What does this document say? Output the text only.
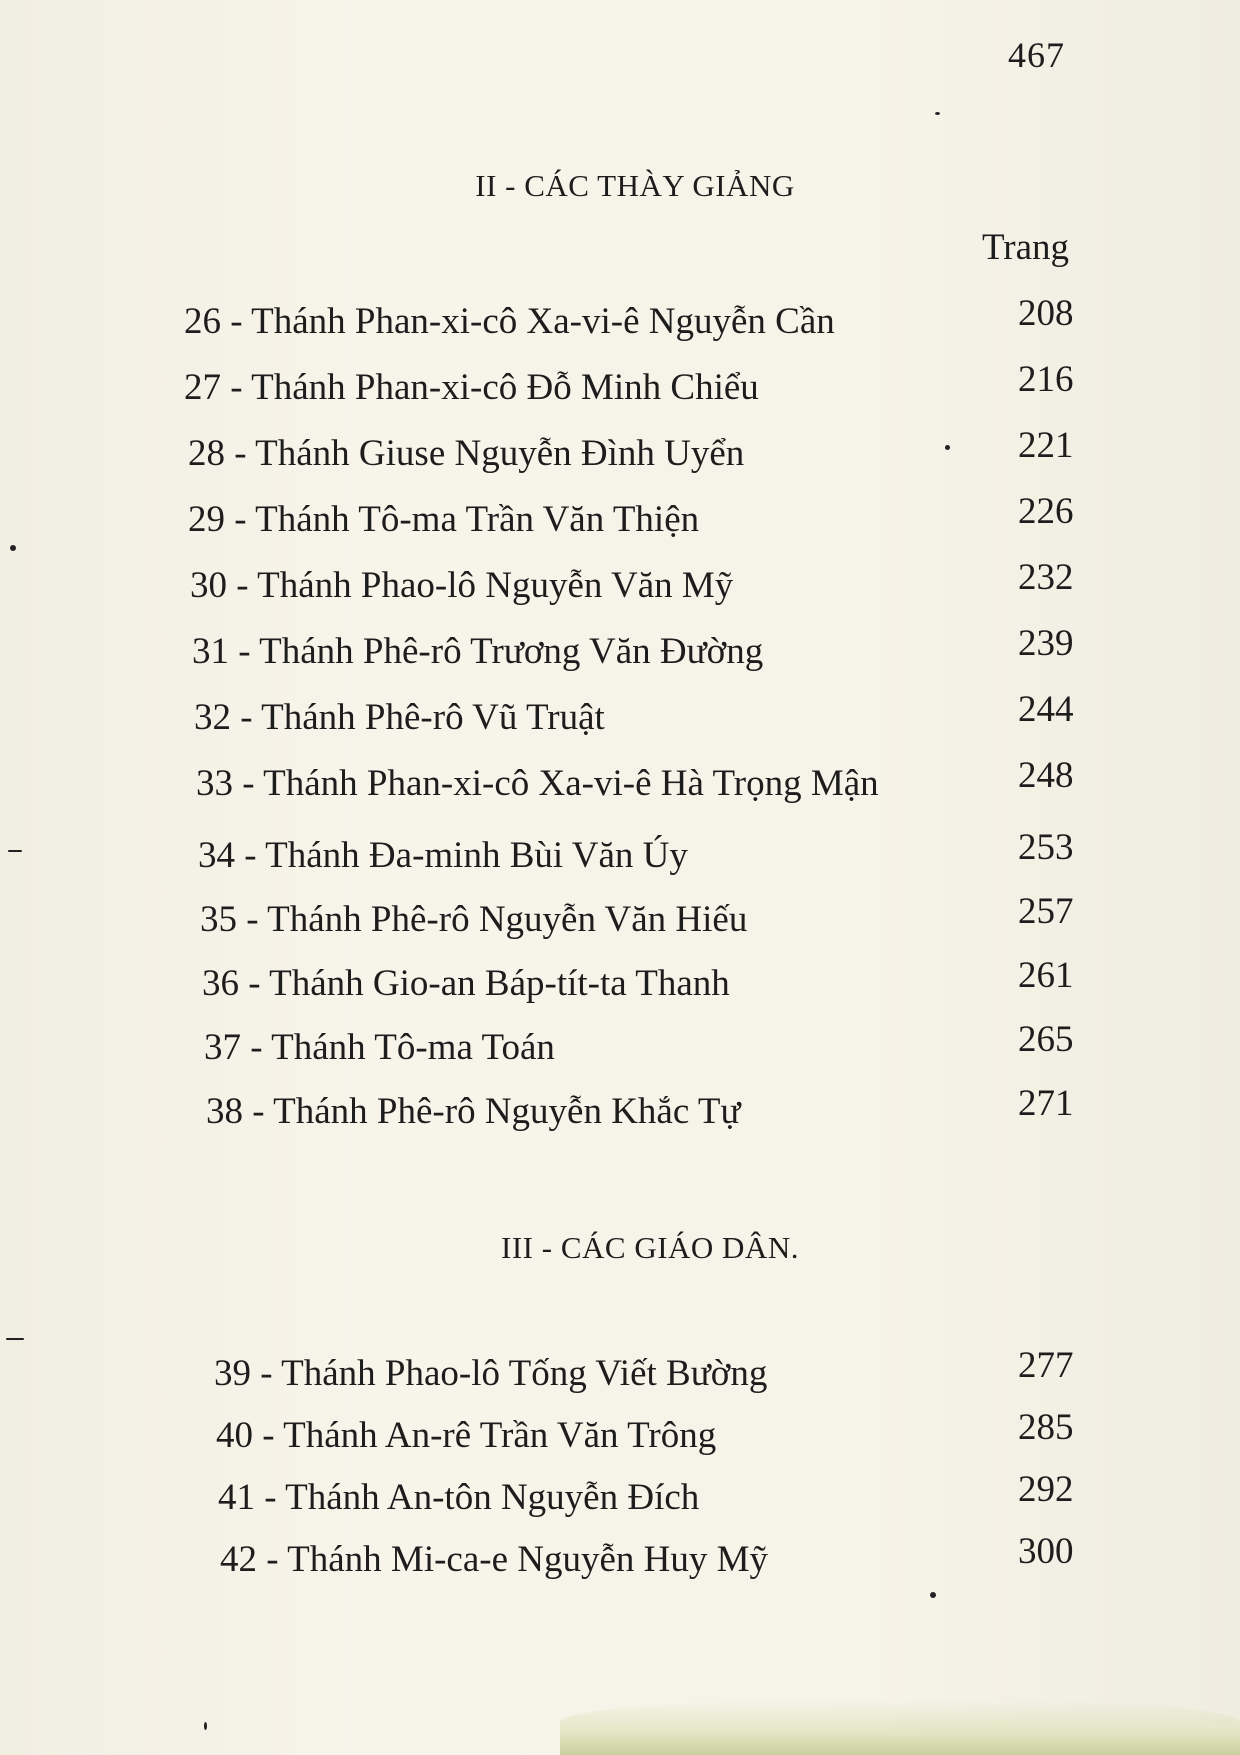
467
II - CÁC THÀY GIẢNG
Trang
26 - Thánh Phan-xi-cô Xa-vi-ê Nguyễn Cần	208
27 - Thánh Phan-xi-cô Đỗ Minh Chiểu	216
28 - Thánh Giuse Nguyễn Đình Uyển	221
29 - Thánh Tô-ma Trần Văn Thiện	226
30 - Thánh Phao-lô Nguyễn Văn Mỹ	232
31 - Thánh Phê-rô Trương Văn Đường	239
32 - Thánh Phê-rô Vũ Truật	244
33 - Thánh Phan-xi-cô Xa-vi-ê Hà Trọng Mận	248
34 - Thánh Đa-minh Bùi Văn Úy	253
35 - Thánh Phê-rô Nguyễn Văn Hiếu	257
36 - Thánh Gio-an Báp-tít-ta Thanh	261
37 - Thánh Tô-ma Toán	265
38 - Thánh Phê-rô Nguyễn Khắc Tự	271
III - CÁC GIÁO DÂN.
39 - Thánh Phao-lô Tống Viết Bường	277
40 - Thánh An-rê Trần Văn Trông	285
41 - Thánh An-tôn Nguyễn Đích	292
42 - Thánh Mi-ca-e Nguyễn Huy Mỹ	300
